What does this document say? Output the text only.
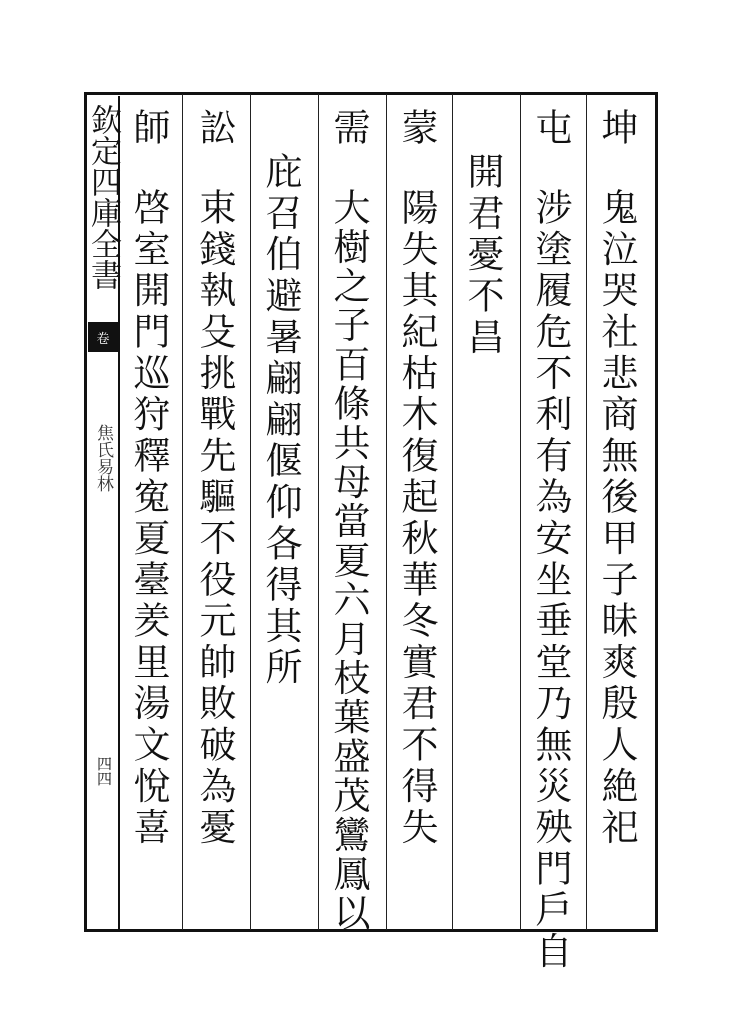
欽定四庫全書
卷
焦氏易林
四四
坤
鬼泣哭社悲商無後甲子昧爽殷人絶祀
屯
涉塗履危不利有為安坐垂堂乃無災殃門戶自
開君憂不昌
蒙
陽失其紀枯木復起秋華冬實君不得失
需
大樹之子百條共母當夏六月枝葉盛茂鸞鳳以
庇召伯避暑翩翩偃仰各得其所
訟
束錢執殳挑戰先驅不役元帥敗破為憂
師
啓室開門巡狩釋寃夏臺羑里湯文悅喜
